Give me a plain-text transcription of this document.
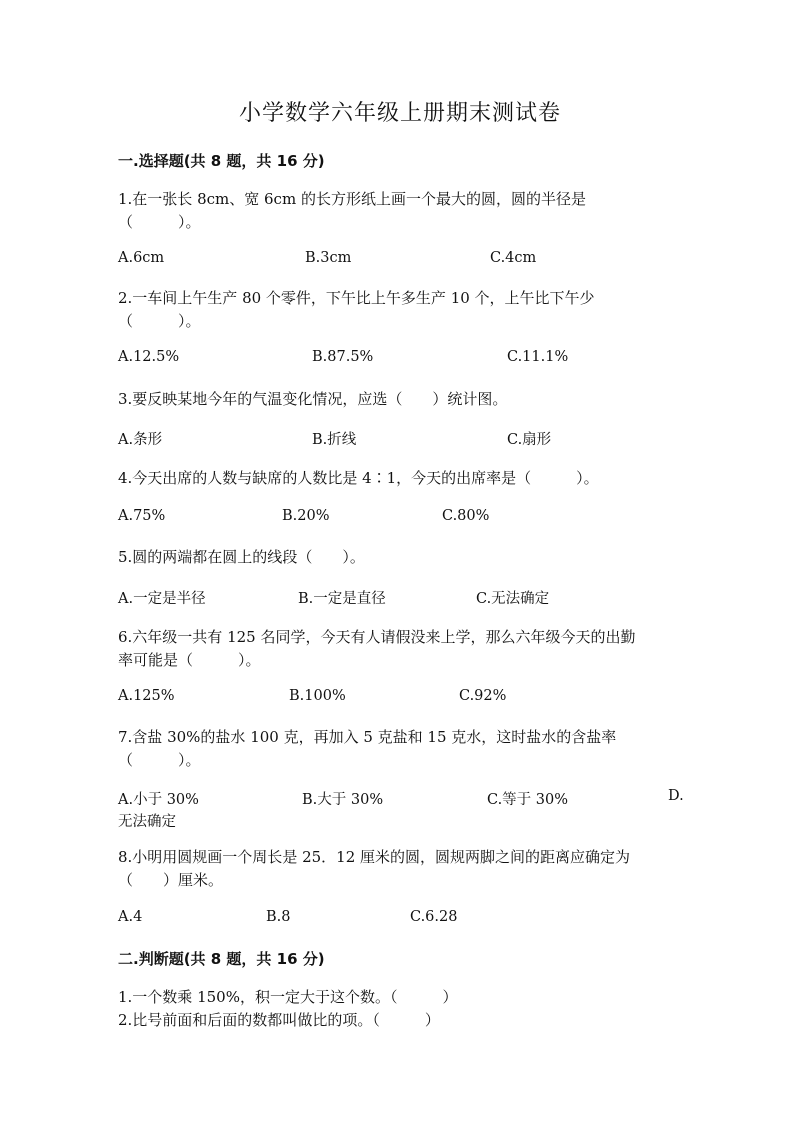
小学数学六年级上册期末测试卷
一.选择题(共 8 题，共 16 分)
1.在一张长 8cm、宽 6cm 的长方形纸上画一个最大的圆，圆的半径是
（　　　）。
A.6cm	B.3cm	C.4cm
2.一车间上午生产 80 个零件，下午比上午多生产 10 个，上午比下午少
（　　　）。
A.12.5%	B.87.5%	C.11.1%
3.要反映某地今年的气温变化情况，应选（　　）统计图。
A.条形	B.折线	C.扇形
4.今天出席的人数与缺席的人数比是 4∶1，今天的出席率是（　　　）。
A.75%	B.20%	C.80%
5.圆的两端都在圆上的线段（　　）。
A.一定是半径	B.一定是直径	C.无法确定
6.六年级一共有 125 名同学，今天有人请假没来上学，那么六年级今天的出勤
率可能是（　　　）。
A.125%	B.100%	C.92%
7.含盐 30%的盐水 100 克，再加入 5 克盐和 15 克水，这时盐水的含盐率
（　　　）。
A.小于 30%	B.大于 30%	C.等于 30%	D.
无法确定
8.小明用圆规画一个周长是 25．12 厘米的圆，圆规两脚之间的距离应确定为
（　　）厘米。
A.4	B.8	C.6.28
二.判断题(共 8 题，共 16 分)
1.一个数乘 150%，积一定大于这个数。（　　　）
2.比号前面和后面的数都叫做比的项。（　　　）
